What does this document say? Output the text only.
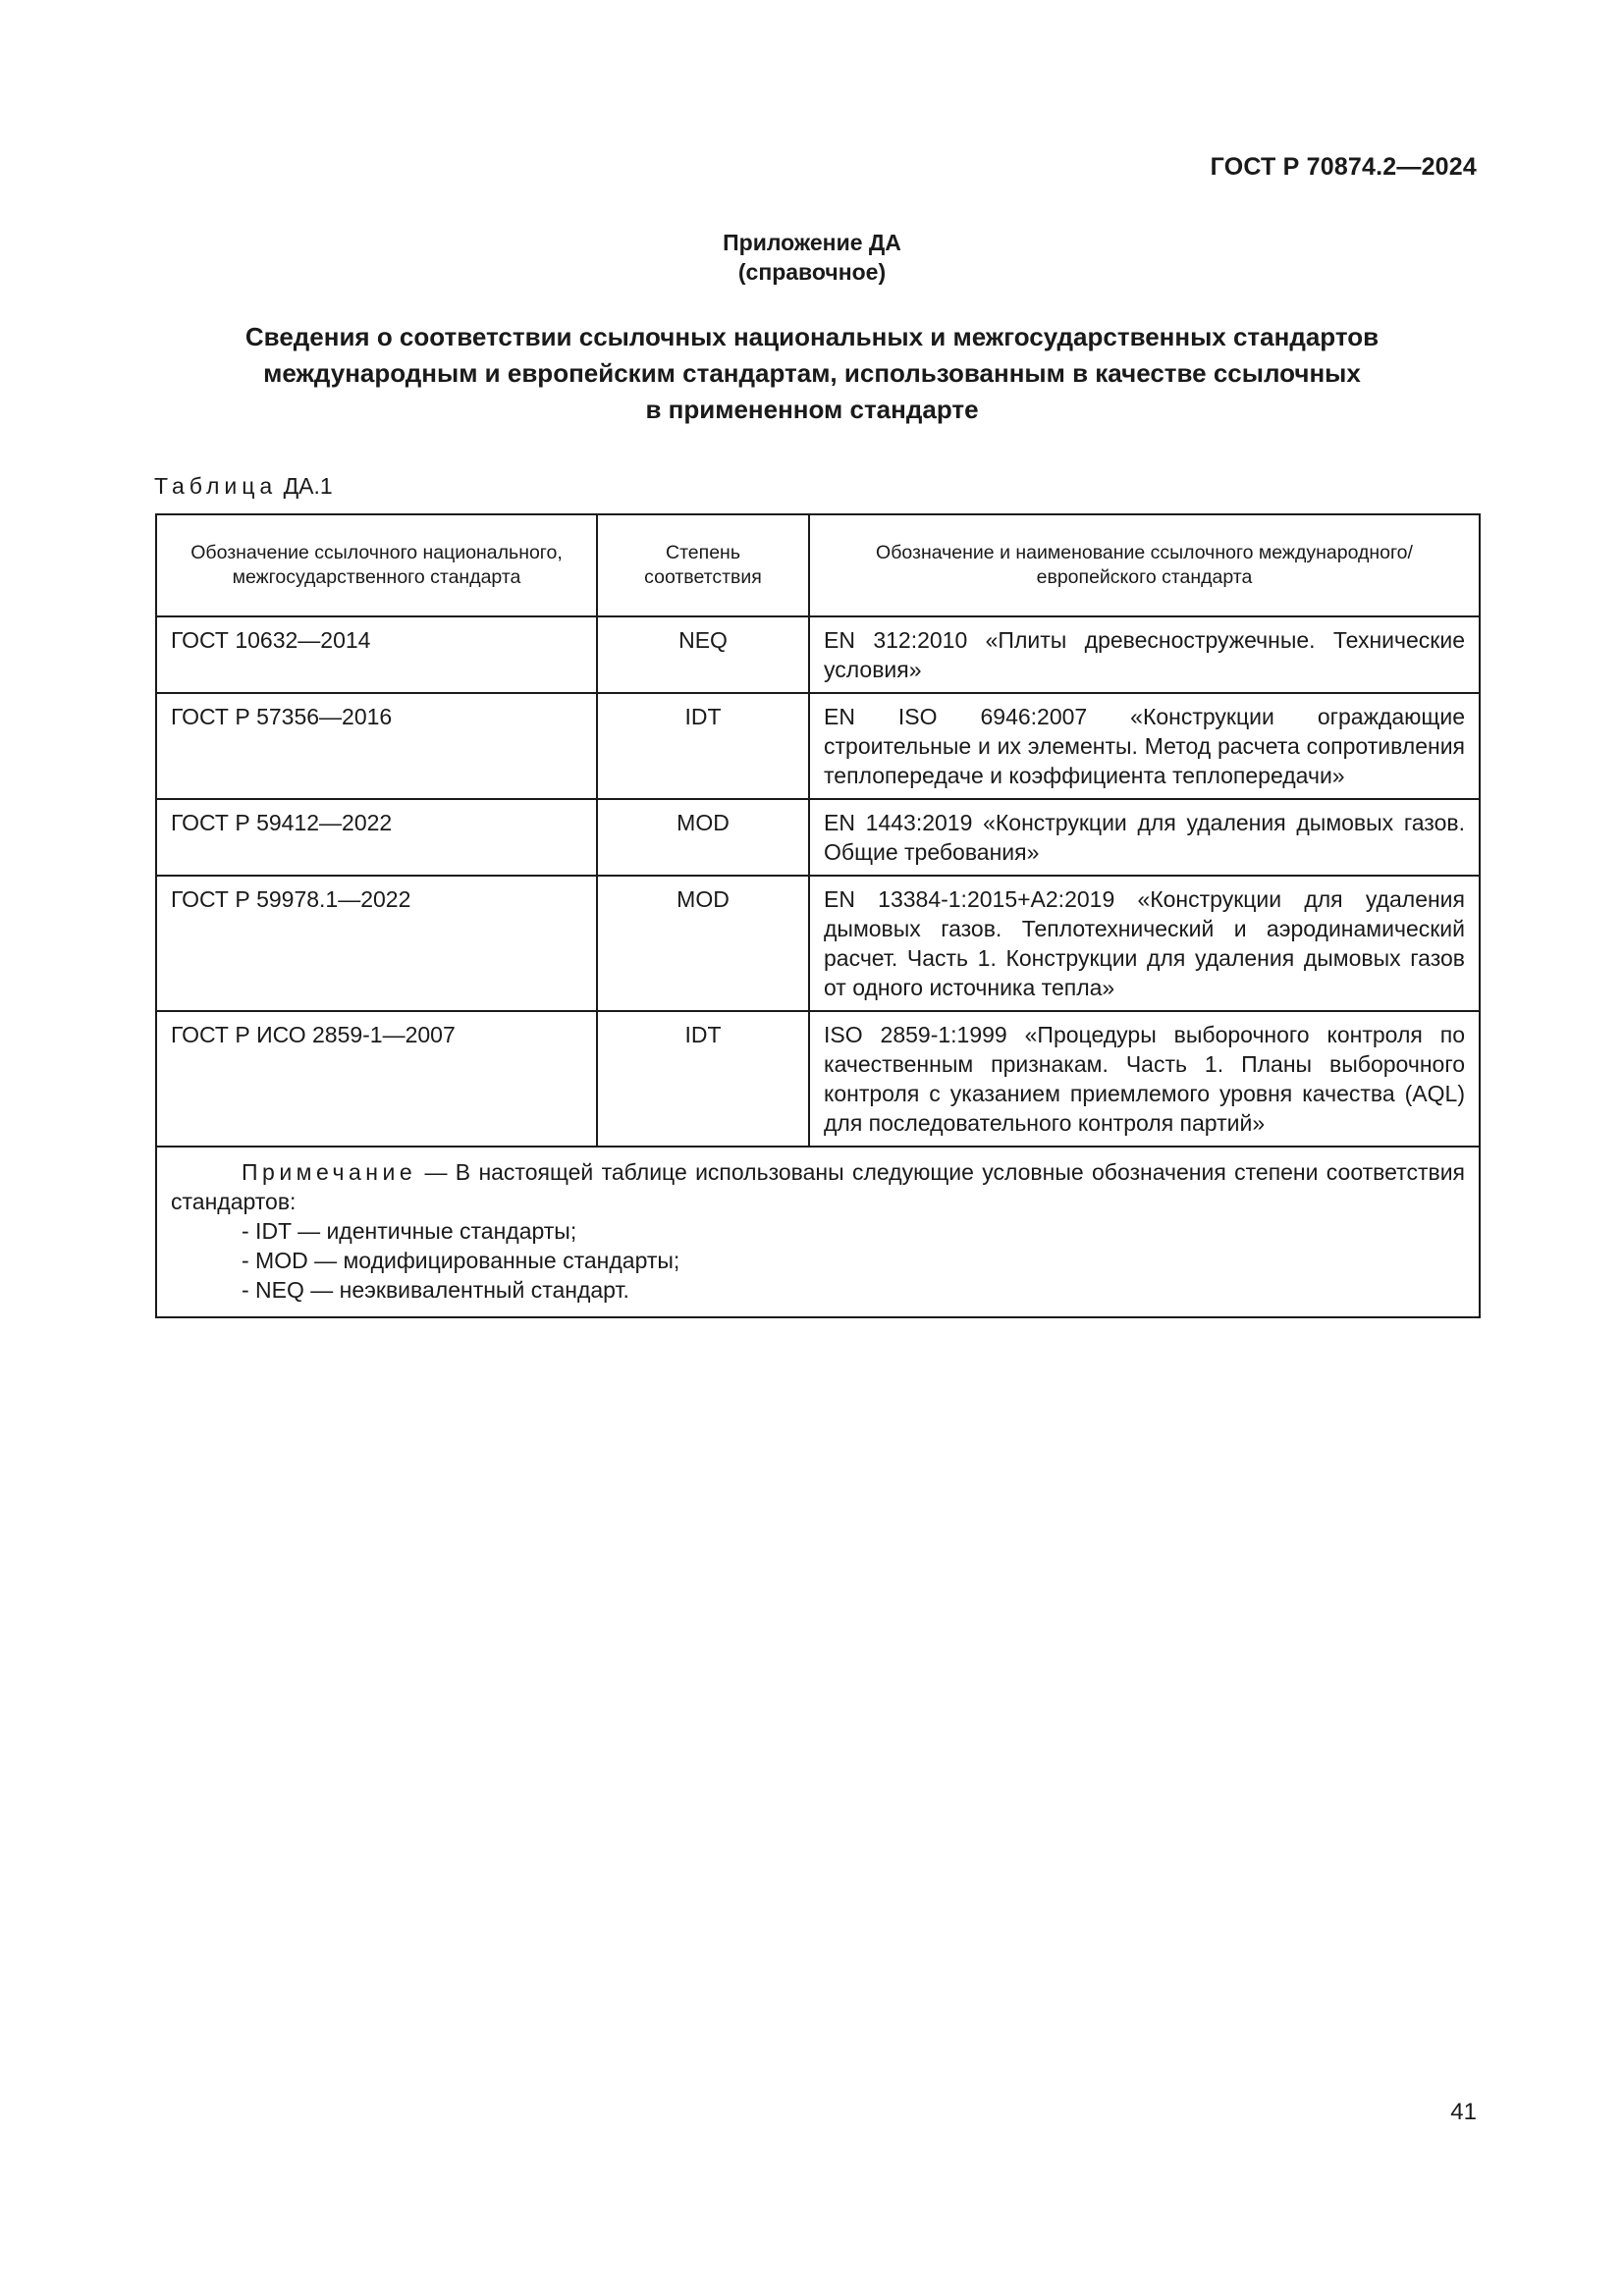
ГОСТ Р 70874.2—2024
Приложение ДА
(справочное)
Сведения о соответствии ссылочных национальных и межгосударственных стандартов
международным и европейским стандартам, использованным в качестве ссылочных
в примененном стандарте
Таблица ДА.1
Обозначение ссылочного национального, межгосударственного стандарта	Степень соответствия	Обозначение и наименование ссылочного международного/ европейского стандарта
ГОСТ 10632—2014	NEQ	EN 312:2010 «Плиты древесностружечные. Технические условия»
ГОСТ Р 57356—2016	IDT	EN ISO 6946:2007 «Конструкции ограждающие строительные и их элементы. Метод расчета сопротивления теплопередаче и коэффициента теплопередачи»
ГОСТ Р 59412—2022	MOD	EN 1443:2019 «Конструкции для удаления дымовых газов. Общие требования»
ГОСТ Р 59978.1—2022	MOD	EN 13384-1:2015+A2:2019 «Конструкции для удаления дымовых газов. Теплотехнический и аэродинамический расчет. Часть 1. Конструкции для удаления дымовых газов от одного источника тепла»
ГОСТ Р ИСО 2859-1—2007	IDT	ISO 2859-1:1999 «Процедуры выборочного контроля по качественным признакам. Часть 1. Планы выборочного контроля с указанием приемлемого уровня качества (AQL) для последовательного контроля партий»

Примечание — В настоящей таблице использованы следующие условные обозначения степени соответствия стандартов:
- IDT — идентичные стандарты;
- MOD — модифицированные стандарты;
- NEQ — неэквивалентный стандарт.		
41
